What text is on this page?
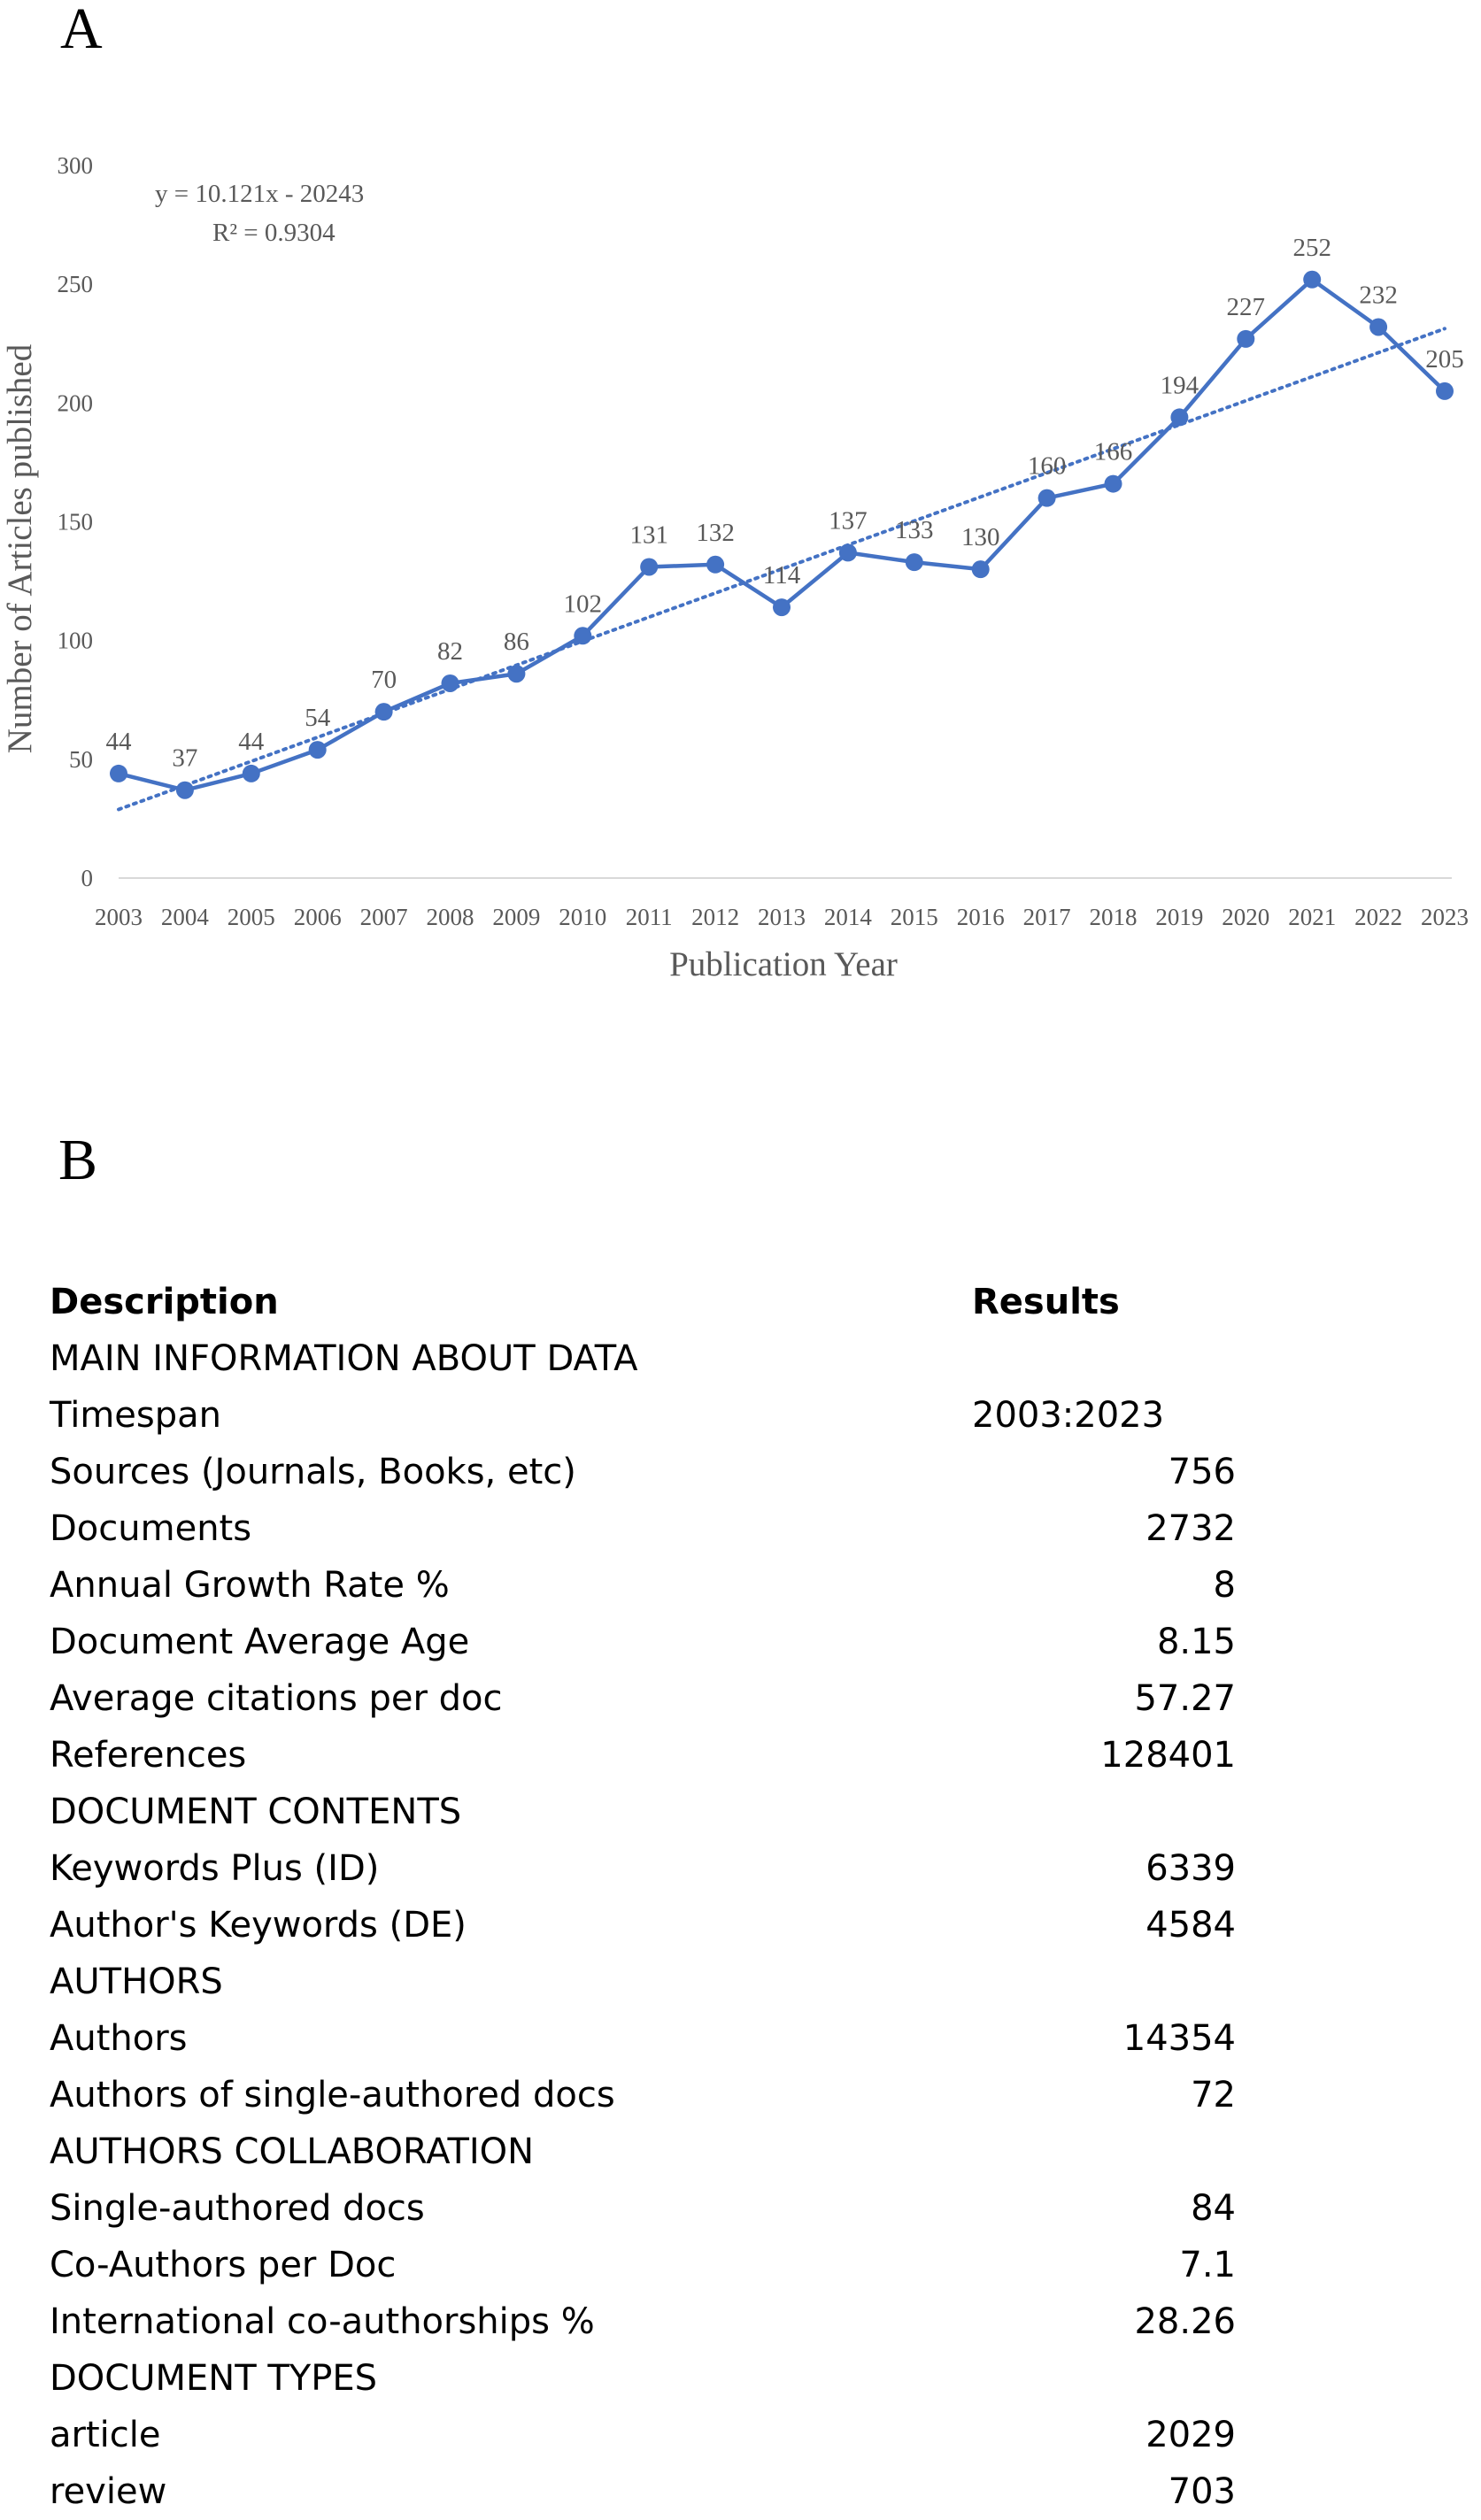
A
0
50
100
150
200
250
300
2003 2004 2005 2006 2007 2008 2009 2010 2011 2012 2013 2014 2015 2016 2017 2018 2019 2020 2021 2022 2023
44
37
44
54
70
82 86
102
131 132
114
137 133 130
160
166
194
227
252
232
205
y = 10.121x - 20243
R² = 0.9304
Publication Year
Number of Articles published
B
Description	Results
MAIN INFORMATION ABOUT DATA
Timespan	2003:2023
Sources (Journals, Books, etc)	756
Documents	2732
Annual Growth Rate %	8
Document Average Age	8.15
Average citations per doc	57.27
References	128401
DOCUMENT CONTENTS
Keywords Plus (ID)	6339
Author's Keywords (DE)	4584
AUTHORS
Authors	14354
Authors of single-authored docs	72
AUTHORS COLLABORATION
Single-authored docs	84
Co-Authors per Doc	7.1
International co-authorships %	28.26
DOCUMENT TYPES
article	2029
review	703
